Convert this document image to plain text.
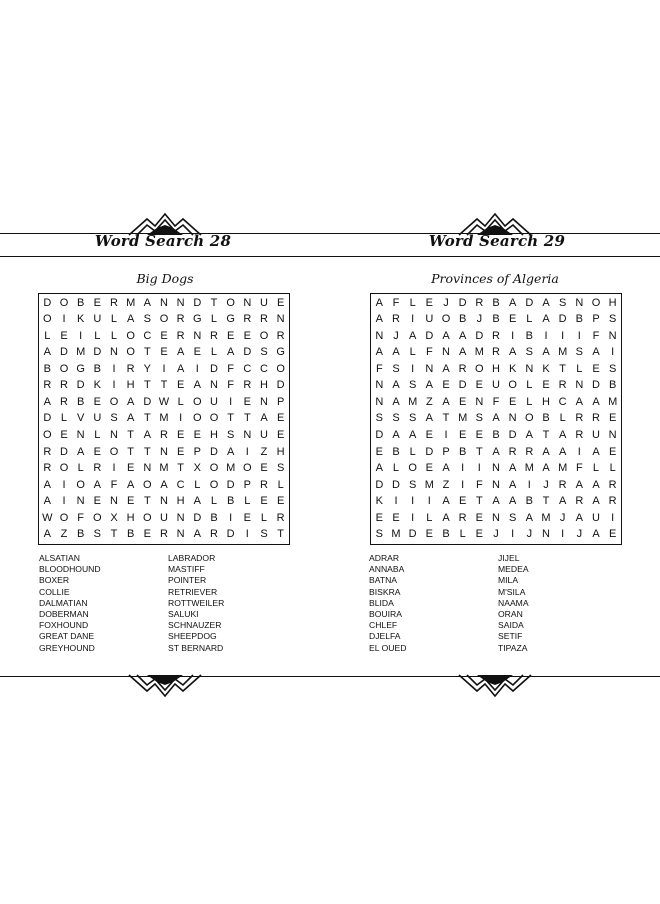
Word Search 28
Big Dogs
D O B E R M A N N D T O N U E
O I	K U L A S O R G L G R R N
L E	I	L L O C E R N R E E O R
A D M D N O T E A E L A D S G
B O G B	I	R Y	I	A	I	D F C C O
R R D K	I	H T T E A N F R H D
A R B E O A D W L O U	I	E N P
D L V U S A T M I O O T T A E
O E N L N T A R E E H S N U E
R D A E O T T N E P D A	I	Z H
R O L R	I	E N M T X O M O E S
A	I O A F A O A C L O D P R L
A	I	N E N E T N H A L B L E E
W O F O X H O U N D B	I	E L R
A Z B S T B E R N A R D	I	S T
ALSATIAN
BLOODHOUND
BOXER
COLLIE
DALMATIAN
DOBERMAN
FOXHOUND
GREAT DANE
GREYHOUND
LABRADOR
MASTIFF
POINTER
RETRIEVER
ROTTWEILER
SALUKI
SCHNAUZER
SHEEPDOG
ST BERNARD
Word Search 29
Provinces of Algeria
A F L E J D R B A D A S N O H
A R	I	U O B J B E L A D B P S
N J A D A A D R	I	B	I	I	I	F N
A A L F N A M R A S A M S A	I
F S	I	N A R O H K N K T L E S
N A S A E D E U O L E R N D B
N A M Z A E N F E L H C A A M
S S S A T M S A N O B L R R E
D A A E	I	E E B D A T A R U N
E B L D P B T A R R A A	I	A E
A L O E A	I	I	N A M A M F L L
D D S M Z	I	F N A	I	J R A A R
K	I	I	I	A E T A A B T A R A R
E E	I	L A R E N S A M J A U	I
S M D E B L E J	I	J N	I	J A E
ADRAR
ANNABA
BATNA
BISKRA
BLIDA
BOUIRA
CHLEF
DJELFA
EL OUED
JIJEL
MEDEA
MILA
M'SILA
NAAMA
ORAN
SAIDA
SETIF
TIPAZA
